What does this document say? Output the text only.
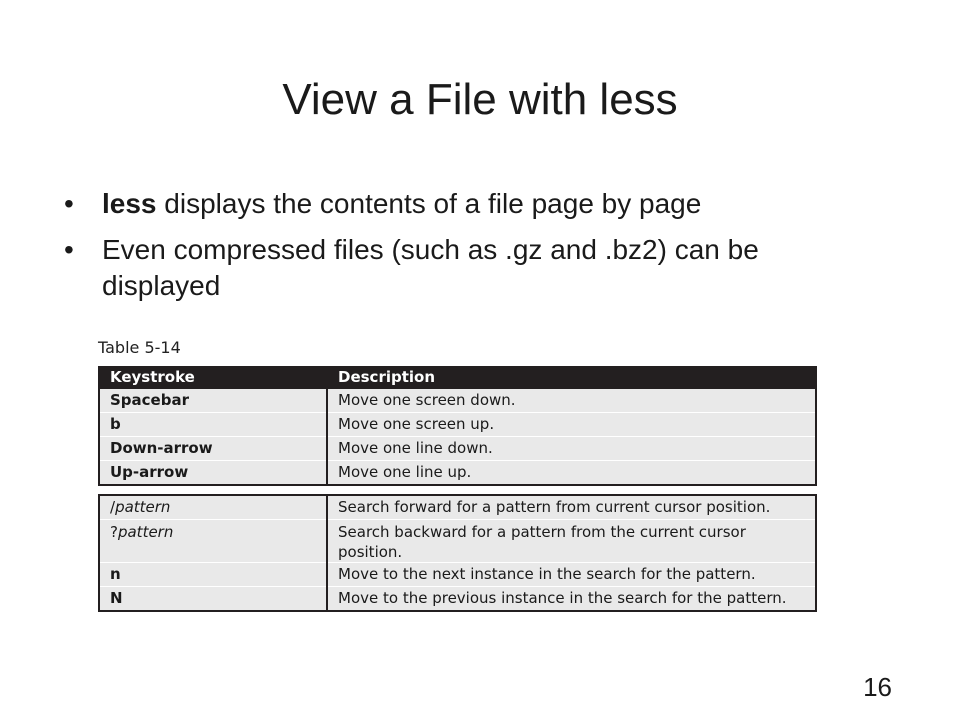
View a File with less
• less displays the contents of a file page by page
• Even compressed files (such as .gz and .bz2) can be displayed
Table 5-14
Keystroke	Description
Spacebar	Move one screen down.
b	Move one screen up.
Down-arrow	Move one line down.
Up-arrow	Move one line up.
/pattern	Search forward for a pattern from current cursor position.
?pattern	Search backward for a pattern from the current cursor position.
n	Move to the next instance in the search for the pattern.
N	Move to the previous instance in the search for the pattern.
16
